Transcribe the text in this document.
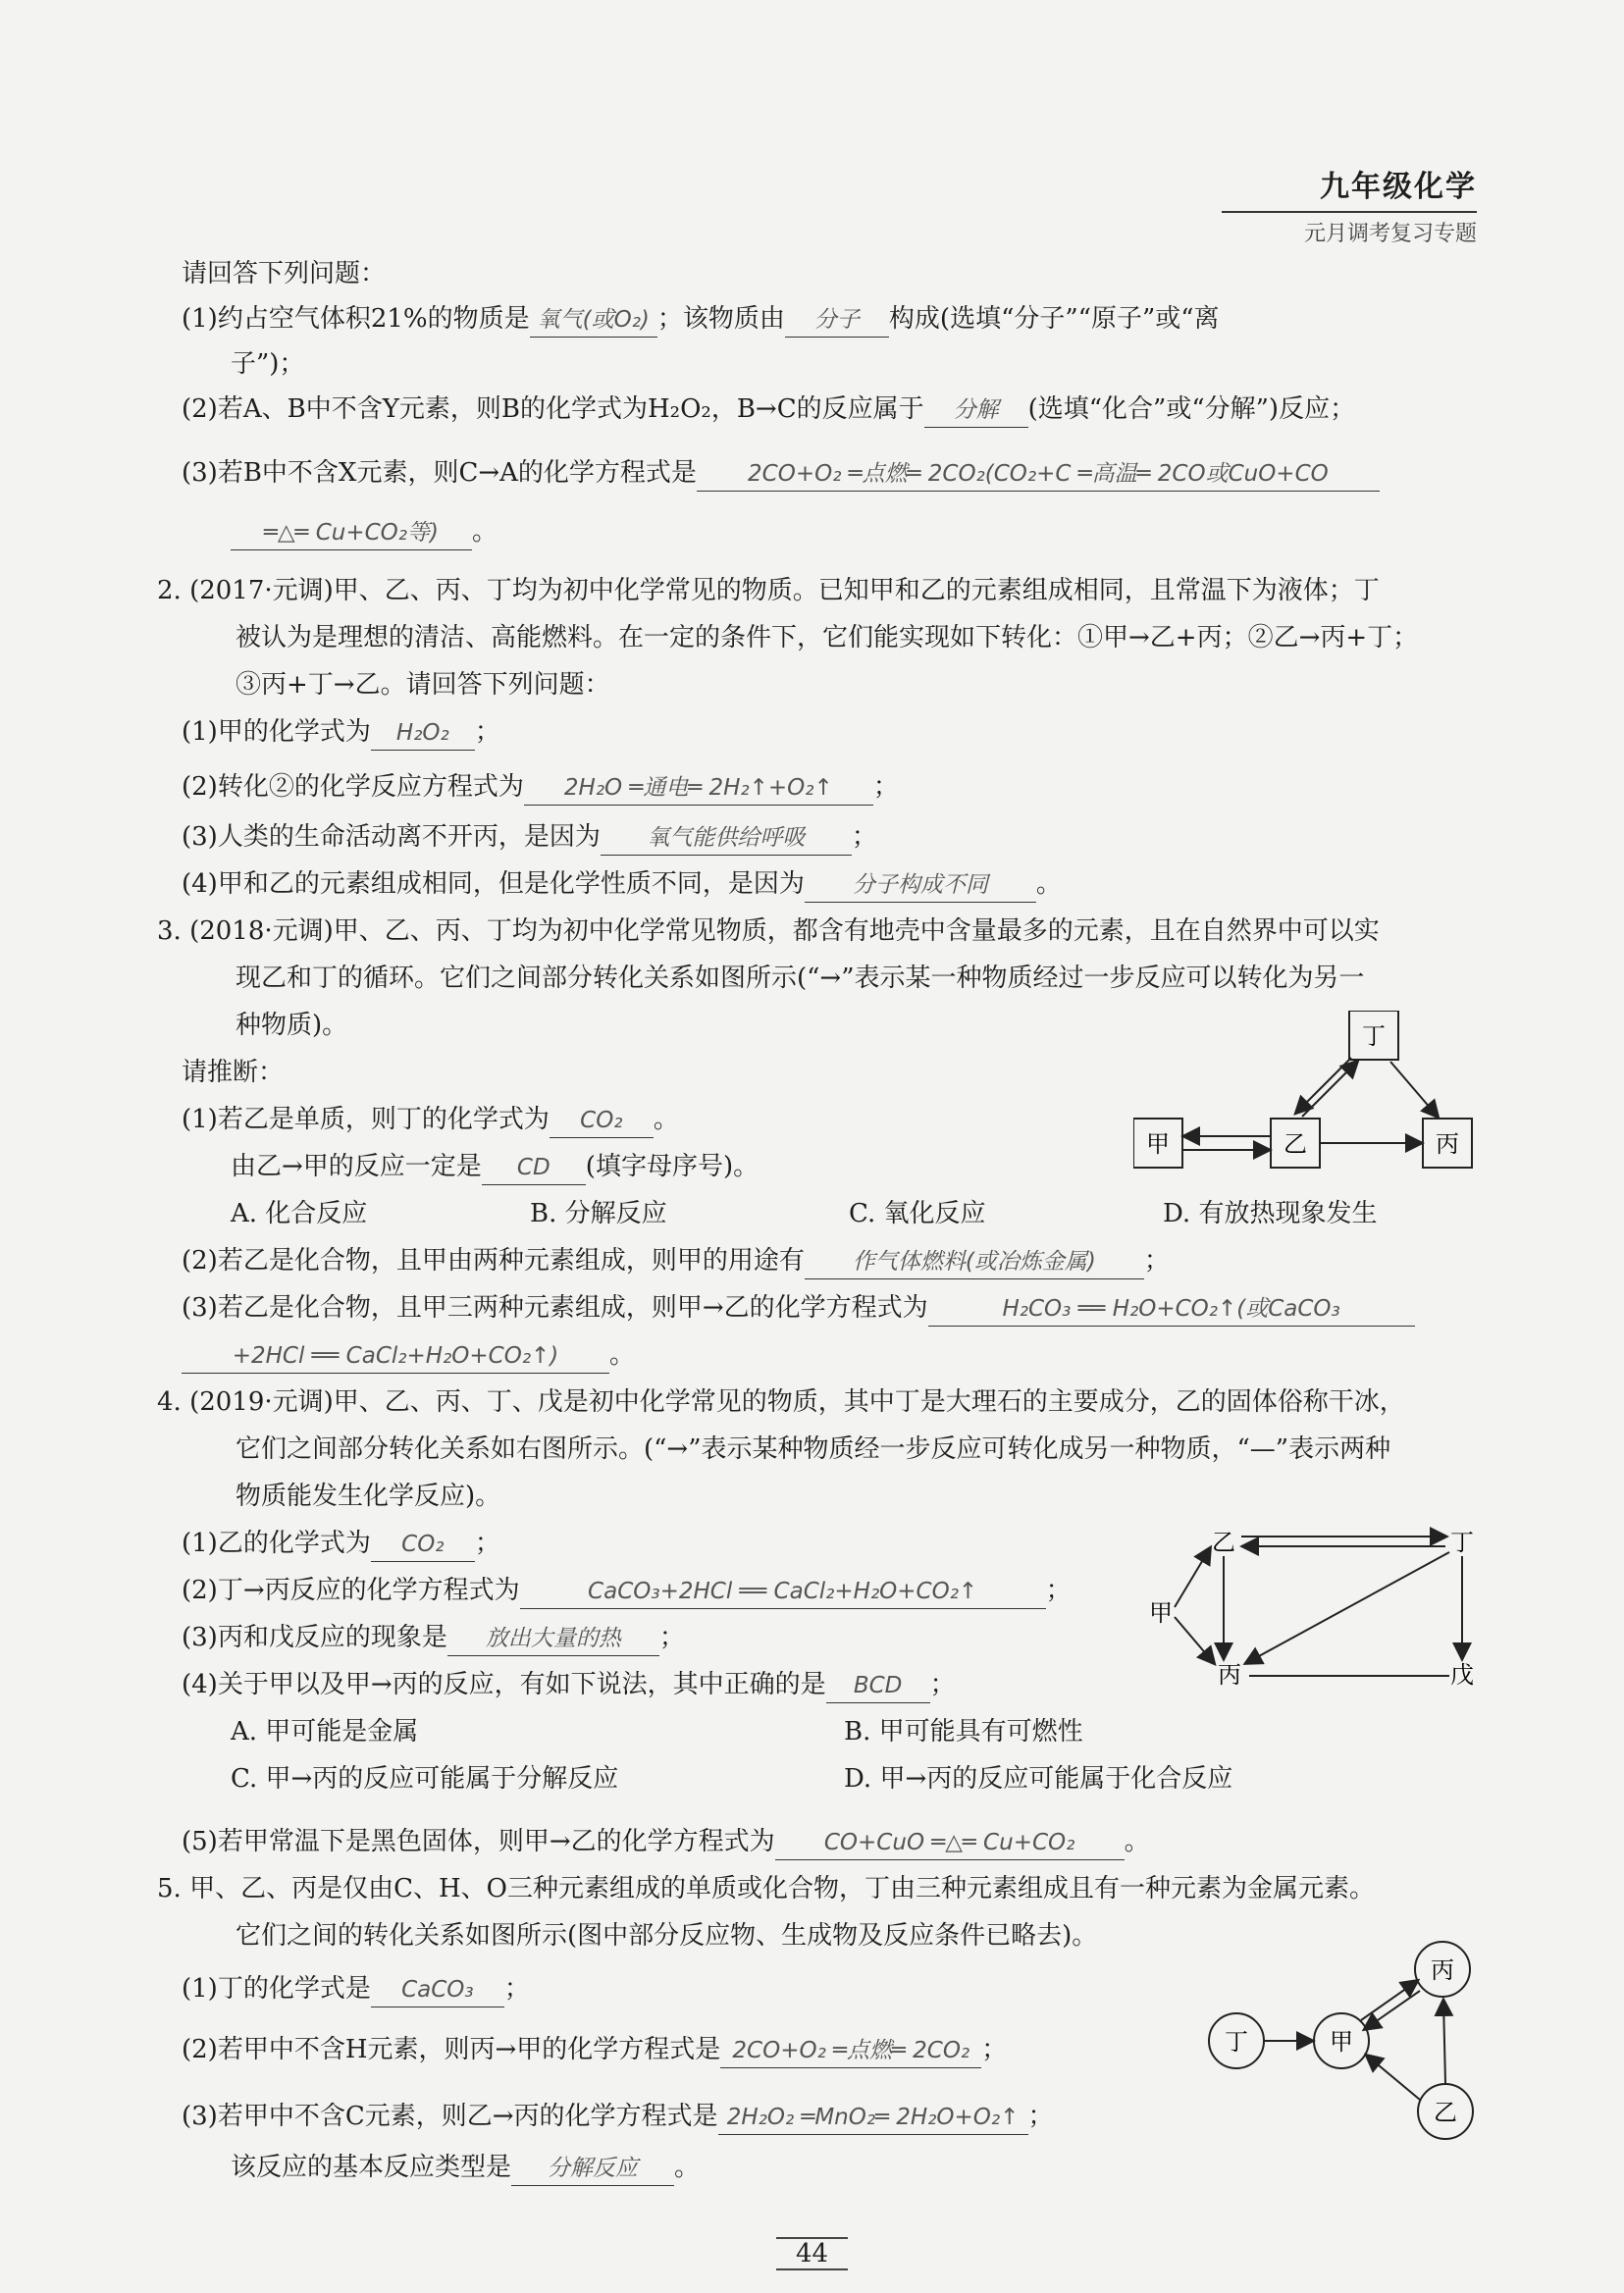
九年级化学
元月调考复习专题
请回答下列问题：
(1)约占空气体积21%的物质是 氧气(或O₂) ；该物质由 分子 构成(选填“分子”“原子”或“离
子”)；
(2)若A、B中不含Y元素，则B的化学式为H₂O₂，B→C的反应属于 分解 (选填“化合”或“分解”)反应；
(3)若B中不含X元素，则C→A的化学方程式是 2CO+O₂ ═点燃═ 2CO₂(CO₂+C ═高温═ 2CO或CuO+CO
═△═ Cu+CO₂等) 。
2. (2017·元调)甲、乙、丙、丁均为初中化学常见的物质。已知甲和乙的元素组成相同，且常温下为液体；丁
被认为是理想的清洁、高能燃料。在一定的条件下，它们能实现如下转化：①甲→乙+丙；②乙→丙+丁；
③丙+丁→乙。请回答下列问题：
(1)甲的化学式为 H₂O₂ ；
(2)转化②的化学反应方程式为 2H₂O ═通电═ 2H₂↑+O₂↑ ；
(3)人类的生命活动离不开丙，是因为 氧气能供给呼吸 ；
(4)甲和乙的元素组成相同，但是化学性质不同，是因为 分子构成不同 。
3. (2018·元调)甲、乙、丙、丁均为初中化学常见物质，都含有地壳中含量最多的元素，且在自然界中可以实
现乙和丁的循环。它们之间部分转化关系如图所示(“→”表示某一种物质经过一步反应可以转化为另一
种物质)。
请推断：
(1)若乙是单质，则丁的化学式为 CO₂ 。
由乙→甲的反应一定是 CD (填字母序号)。
A. 化合反应	B. 分解反应	C. 氧化反应	D. 有放热现象发生
(2)若乙是化合物，且甲由两种元素组成，则甲的用途有 作气体燃料(或冶炼金属) ；
(3)若乙是化合物，且甲三两种元素组成，则甲→乙的化学方程式为	H₂CO₃ ══ H₂O+CO₂↑(或CaCO₃
+2HCl ══ CaCl₂+H₂O+CO₂↑) 。
丁
甲	乙	丙
4. (2019·元调)甲、乙、丙、丁、戊是初中化学常见的物质，其中丁是大理石的主要成分，乙的固体俗称干冰，
它们之间部分转化关系如右图所示。(“→”表示某种物质经一步反应可转化成另一种物质，“—”表示两种
物质能发生化学反应)。
(1)乙的化学式为 CO₂ ；
(2)丁→丙反应的化学方程式为	CaCO₃+2HCl ══ CaCl₂+H₂O+CO₂↑	；
(3)丙和戊反应的现象是 放出大量的热 ；
(4)关于甲以及甲→丙的反应，有如下说法，其中正确的是 BCD ；
A. 甲可能是金属	B. 甲可能具有可燃性
C. 甲→丙的反应可能属于分解反应	D. 甲→丙的反应可能属于化合反应
(5)若甲常温下是黑色固体，则甲→乙的化学方程式为 CO+CuO ═△═ Cu+CO₂ 。
乙	丁
甲
丙	戊
5. 甲、乙、丙是仅由C、H、O三种元素组成的单质或化合物，丁由三种元素组成且有一种元素为金属元素。
它们之间的转化关系如图所示(图中部分反应物、生成物及反应条件已略去)。
(1)丁的化学式是 CaCO₃ ；
(2)若甲中不含H元素，则丙→甲的化学方程式是 2CO+O₂ ═点燃═ 2CO₂ ；
(3)若甲中不含C元素，则乙→丙的化学方程式是 2H₂O₂ ═MnO₂═ 2H₂O+O₂↑ ；
该反应的基本反应类型是 分解反应 。
丙
丁	甲
乙
44
